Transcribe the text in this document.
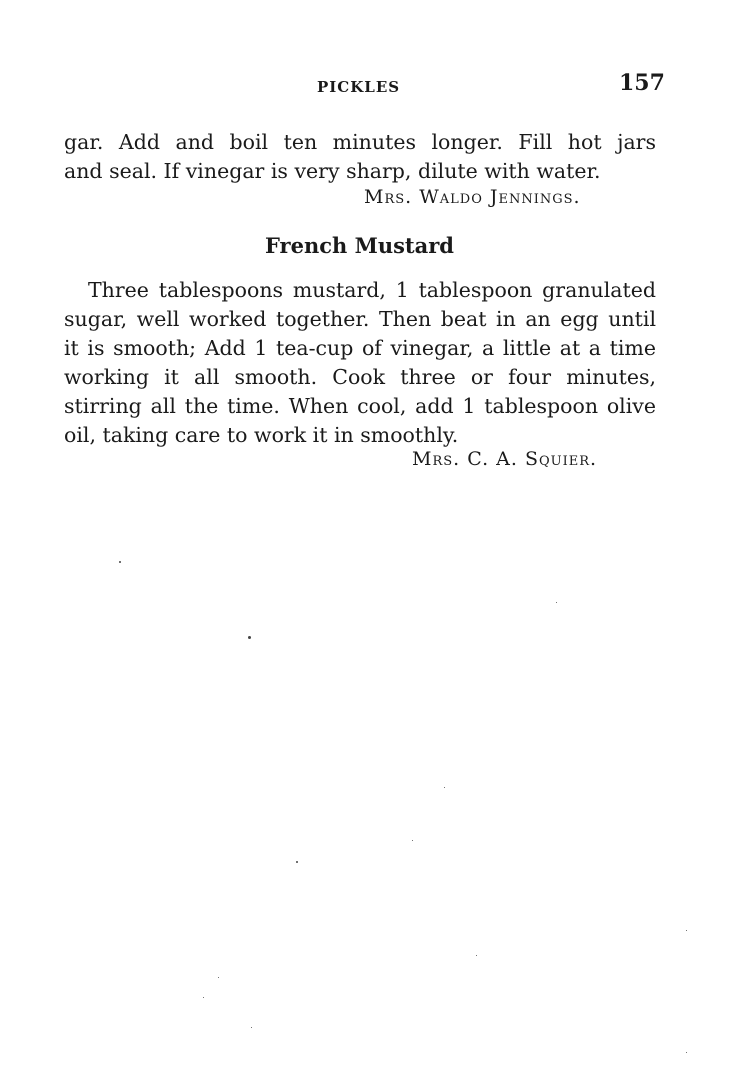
PICKLES	157
gar. Add and boil ten minutes longer. Fill hot jars
and seal. If vinegar is very sharp, dilute with water.
Mrs. Waldo Jennings.
French Mustard
Three tablespoons mustard, 1 tablespoon granulated
sugar, well worked together. Then beat in an egg until
it is smooth; Add 1 tea-cup of vinegar, a little at a time
working it all smooth. Cook three or four minutes,
stirring all the time. When cool, add 1 tablespoon olive
oil, taking care to work it in smoothly.
Mrs. C. A. Squier.
